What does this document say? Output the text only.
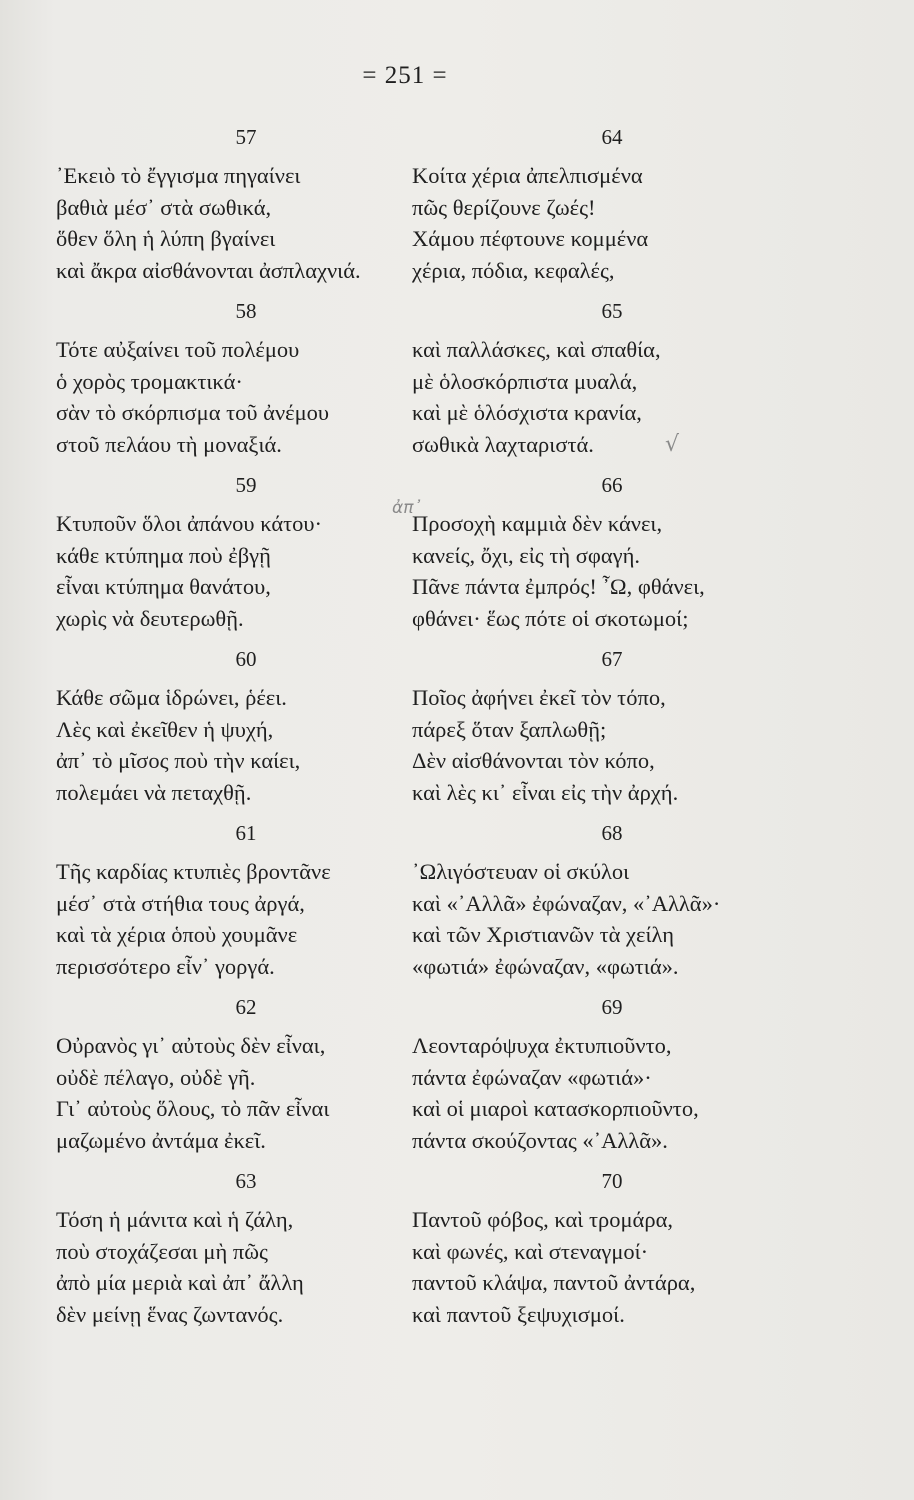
= 251 =
57
᾿Εκειὸ τὸ ἔγγισμα πηγαίνει
βαθιὰ μέσ᾿ στὰ σωθικά,
ὅθεν ὅλη ἡ λύπη βγαίνει
καὶ ἄκρα αἰσθάνονται ἀσπλαχνιά.
58
Τότε αὐξαίνει τοῦ πολέμου
ὁ χορὸς τρομακτικά·
σὰν τὸ σκόρπισμα τοῦ ἀνέμου
στοῦ πελάου τὴ μοναξιά.
59
Κτυποῦν ὅλοι ἀπάνου κάτου·
κάθε κτύπημα ποὺ ἐβγῇ
εἶναι κτύπημα θανάτου,
χωρὶς νὰ δευτερωθῇ.
60
Κάθε σῶμα ἱδρώνει, ῥέει.
Λὲς καὶ ἐκεῖθεν ἡ ψυχή,
ἀπ᾿ τὸ μῖσος ποὺ τὴν καίει,
πολεμάει νὰ πεταχθῇ.
61
Τῆς καρδίας κτυπιὲς βροντᾶνε
μέσ᾿ στὰ στήθια τους ἀργά,
καὶ τὰ χέρια ὁποὺ χουμᾶνε
περισσότερο εἶν᾿ γοργά.
62
Οὐρανὸς γι᾿ αὐτοὺς δὲν εἶναι,
οὐδὲ πέλαγο, οὐδὲ γῆ.
Γι᾿ αὐτοὺς ὅλους, τὸ πᾶν εἶναι
μαζωμένο ἀντάμα ἐκεῖ.
63
Τόση ἡ μάνιτα καὶ ἡ ζάλη,
ποὺ στοχάζεσαι μὴ πῶς
ἀπὸ μία μεριὰ καὶ ἀπ᾿ ἄλλη
δὲν μείνῃ ἕνας ζωντανός.
64
Κοίτα χέρια ἀπελπισμένα
πῶς θερίζουνε ζωές!
Χάμου πέφτουνε κομμένα
χέρια, πόδια, κεφαλές,
65
καὶ παλλάσκες, καὶ σπαθία,
μὲ ὁλοσκόρπιστα μυαλά,
καὶ μὲ ὁλόσχιστα κρανία,
σωθικὰ λαχταριστά.
66
Προσοχὴ καμμιὰ δὲν κάνει,
κανείς, ὄχι, εἰς τὴ σφαγή.
Πᾶνε πάντα ἐμπρός! ῏Ω, φθάνει,
φθάνει· ἕως πότε οἱ σκοτωμοί;
67
Ποῖος ἀφήνει ἐκεῖ τὸν τόπο,
πάρεξ ὅταν ξαπλωθῇ;
Δὲν αἰσθάνονται τὸν κόπο,
καὶ λὲς κι᾿ εἶναι εἰς τὴν ἀρχή.
68
᾿Ωλιγόστευαν οἱ σκύλοι
καὶ «᾿Αλλᾶ» ἐφώναζαν, «᾿Αλλᾶ»·
καὶ τῶν Χριστιανῶν τὰ χείλη
«φωτιά» ἐφώναζαν, «φωτιά».
69
Λεονταρόψυχα ἐκτυπιοῦντο,
πάντα ἐφώναζαν «φωτιά»·
καὶ οἱ μιαροὶ κατασκορπιοῦντο,
πάντα σκούζοντας «᾿Αλλᾶ».
70
Παντοῦ φόβος, καὶ τρομάρα,
καὶ φωνές, καὶ στεναγμοί·
παντοῦ κλάψα, παντοῦ ἀντάρα,
καὶ παντοῦ ξεψυχισμοί.
ἀπ᾿
√
